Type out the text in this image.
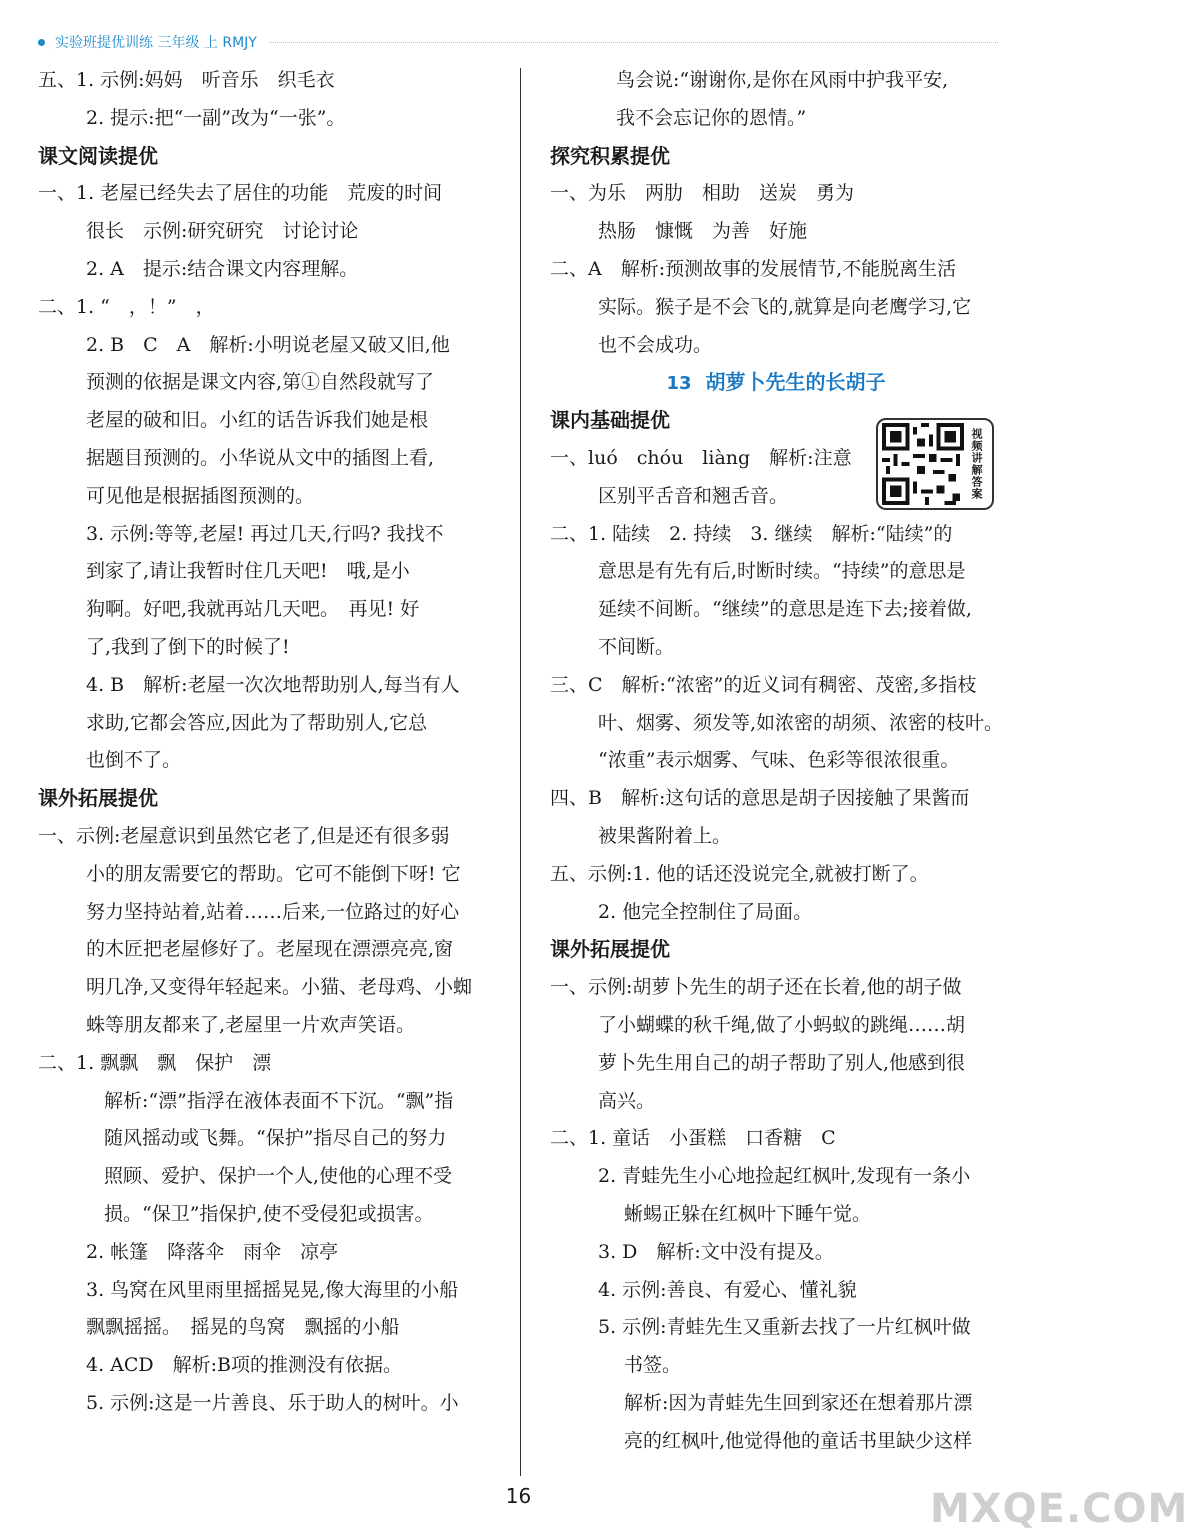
实验班提优训练 三年级 上 RMJY
五、1. 示例:妈妈　听音乐　织毛衣
2. 提示:把“一副”改为“一张”。
课文阅读提优
一、1. 老屋已经失去了居住的功能　荒废的时间
很长　示例:研究研究　讨论讨论
2. A　提示:结合课文内容理解。
二、1. “　，！”　，
2. B　C　A　解析:小明说老屋又破又旧,他
预测的依据是课文内容,第①自然段就写了
老屋的破和旧。小红的话告诉我们她是根
据题目预测的。小华说从文中的插图上看,
可见他是根据插图预测的。
3. 示例:等等,老屋! 再过几天,行吗? 我找不
到家了,请让我暂时住几天吧!　哦,是小
狗啊。好吧,我就再站几天吧。　再见! 好
了,我到了倒下的时候了!
4. B　解析:老屋一次次地帮助别人,每当有人
求助,它都会答应,因此为了帮助别人,它总
也倒不了。
课外拓展提优
一、示例:老屋意识到虽然它老了,但是还有很多弱
小的朋友需要它的帮助。它可不能倒下呀! 它
努力坚持站着,站着……后来,一位路过的好心
的木匠把老屋修好了。老屋现在漂漂亮亮,窗
明几净,又变得年轻起来。小猫、老母鸡、小蜘
蛛等朋友都来了,老屋里一片欢声笑语。
二、1. 飘飘　飘　保护　漂
解析:“漂”指浮在液体表面不下沉。“飘”指
随风摇动或飞舞。“保护”指尽自己的努力
照顾、爱护、保护一个人,使他的心理不受
损。“保卫”指保护,使不受侵犯或损害。
2. 帐篷　降落伞　雨伞　凉亭
3. 鸟窝在风里雨里摇摇晃晃,像大海里的小船
飘飘摇摇。　摇晃的鸟窝　飘摇的小船
4. ACD　解析:B项的推测没有依据。
5. 示例:这是一片善良、乐于助人的树叶。小
鸟会说:“谢谢你,是你在风雨中护我平安,
我不会忘记你的恩情。”
探究积累提优
一、为乐　两肋　相助　送炭　勇为
热肠　慷慨　为善　好施
二、A　解析:预测故事的发展情节,不能脱离生活
实际。猴子是不会飞的,就算是向老鹰学习,它
也不会成功。
13 胡萝卜先生的长胡子
课内基础提优
一、luó　chóu　liàng　解析:注意
区别平舌音和翘舌音。
二、1. 陆续　2. 持续　3. 继续　解析:“陆续”的
意思是有先有后,时断时续。“持续”的意思是
延续不间断。“继续”的意思是连下去;接着做,
不间断。
三、C　解析:“浓密”的近义词有稠密、茂密,多指枝
叶、烟雾、须发等,如浓密的胡须、浓密的枝叶。
“浓重”表示烟雾、气味、色彩等很浓很重。
四、B　解析:这句话的意思是胡子因接触了果酱而
被果酱附着上。
五、示例:1. 他的话还没说完全,就被打断了。
2. 他完全控制住了局面。
课外拓展提优
一、示例:胡萝卜先生的胡子还在长着,他的胡子做
了小蝴蝶的秋千绳,做了小蚂蚁的跳绳……胡
萝卜先生用自己的胡子帮助了别人,他感到很
高兴。
二、1. 童话　小蛋糕　口香糖　C
2. 青蛙先生小心地捡起红枫叶,发现有一条小
蜥蜴正躲在红枫叶下睡午觉。
3. D　解析:文中没有提及。
4. 示例:善良、有爱心、懂礼貌
5. 示例:青蛙先生又重新去找了一片红枫叶做
书签。
解析:因为青蛙先生回到家还在想着那片漂
亮的红枫叶,他觉得他的童话书里缺少这样
视频讲解答案
16	MXQE.COM
